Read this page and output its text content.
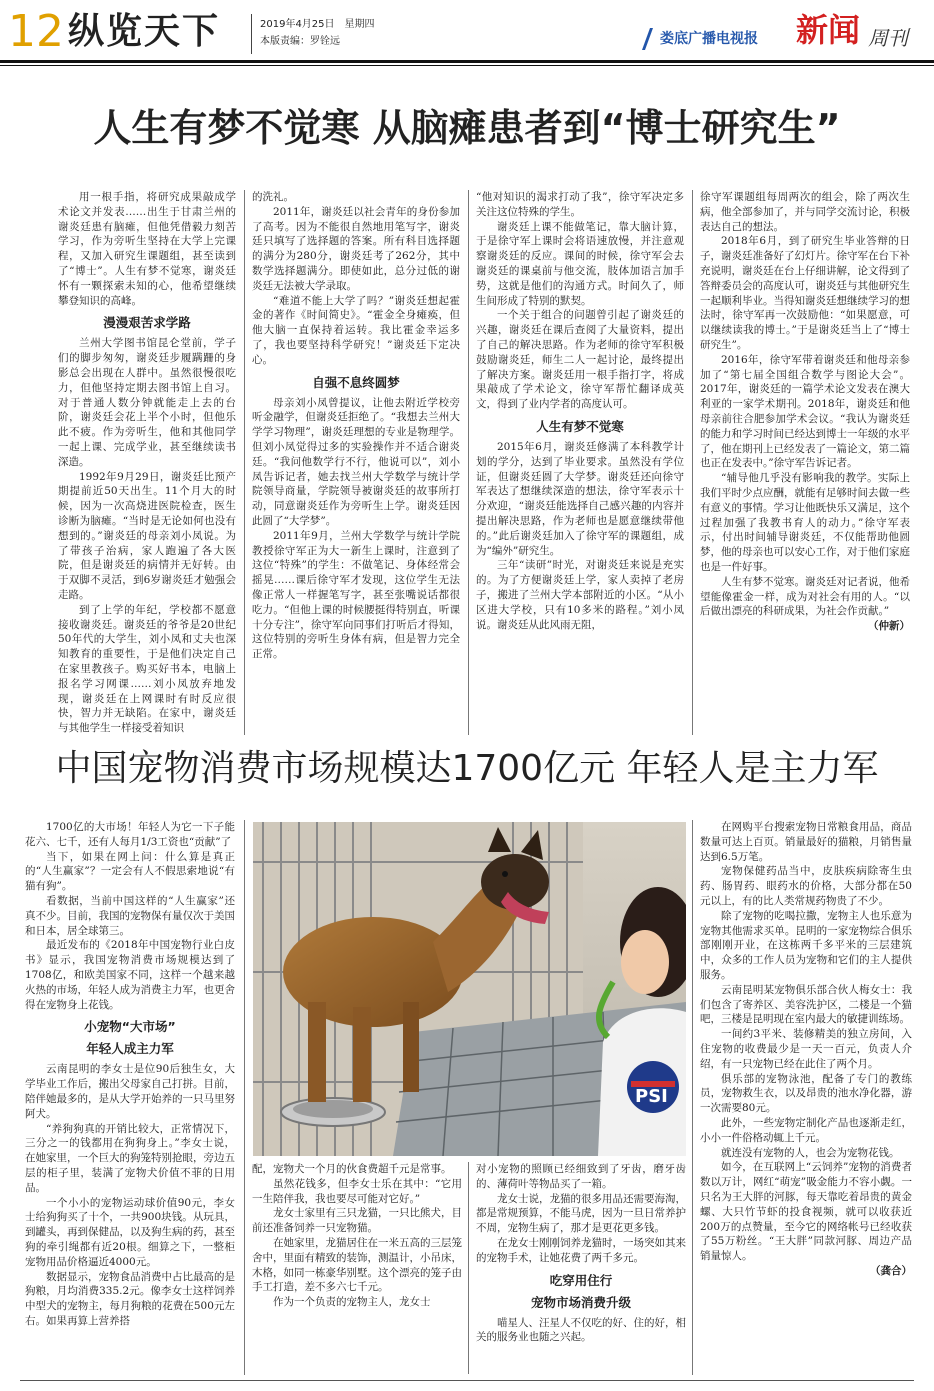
12 纵览天下	2019年4月25日　星期四
本版责编：罗铨远	娄底广播电视报 新闻 周刊
人生有梦不觉寒 从脑瘫患者到“博士研究生”

用一根手指，将研究成果敲成学术论文并发表……出生于甘肃兰州的谢炎廷患有脑瘫，但他凭借毅力刻苦学习，作为旁听生坚持在大学上完课程，又加入研究生课题组，甚至读到了“博士”。人生有梦不觉寒，谢炎廷怀有一颗探索未知的心，他希望继续攀登知识的高峰。

漫漫艰苦求学路

兰州大学图书馆昆仑堂前，学子们的脚步匆匆，谢炎廷步履蹒跚的身影总会出现在人群中。虽然很慢很吃力，但他坚持定期去图书馆上自习。对于普通人数分钟就能走上去的台阶，谢炎廷会花上半个小时，但他乐此不疲。作为旁听生，他和其他同学一起上课、完成学业，甚至继续读书深造。

1992年9月29日，谢炎廷比预产期提前近50天出生。11个月大的时候，因为一次高烧进医院检查，医生诊断为脑瘫。“当时是无论如何也没有想到的。”谢炎廷的母亲刘小凤说。为了带孩子治病，家人跑遍了各大医院，但是谢炎廷的病情并无好转。由于双脚不灵活，到6岁谢炎廷才勉强会走路。

到了上学的年纪，学校都不愿意接收谢炎廷。谢炎廷的爷爷是20世纪50年代的大学生，刘小凤和丈夫也深知教育的重要性，于是他们决定自己在家里教孩子。购买好书本，电脑上报名学习网课……刘小凤放弃地发现，谢炎廷在上网课时有时反应很快，智力并无缺陷。在家中，谢炎廷与其他学生一样接受着知识

的洗礼。

2011年，谢炎廷以社会青年的身份参加了高考。因为不能很自然地用笔写字，谢炎廷只填写了选择题的答案。所有科目选择题的满分为280分，谢炎廷考了262分，其中数学选择题满分。即使如此，总分过低的谢炎廷无法被大学录取。

“难道不能上大学了吗？”谢炎廷想起霍金的著作《时间简史》。“霍金全身瘫痪，但他大脑一直保持着运转。我比霍金幸运多了，我也要坚持科学研究！”谢炎廷下定决心。

自强不息终圆梦

母亲刘小凤曾提议，让他去附近学校旁听金融学，但谢炎廷拒绝了。“我想去兰州大学学习物理”，谢炎廷理想的专业是物理学。但刘小凤觉得过多的实验操作并不适合谢炎廷。“我问他数学行不行，他说可以”，刘小凤告诉记者，她去找兰州大学数学与统计学院领导商量，学院领导被谢炎廷的故事所打动，同意谢炎廷作为旁听生上学。谢炎廷因此圆了“大学梦”。

2011年9月，兰州大学数学与统计学院教授徐守军正为大一新生上课时，注意到了这位“特殊”的学生：不做笔记、身体经常会摇晃……课后徐守军才发现，这位学生无法像正常人一样握笔写字，甚至张嘴说话都很吃力。“但他上课的时候腰挺得特别直，听课十分专注”，徐守军向同事们打听后才得知，这位特别的旁听生身体有病，但是智力完全正常。

“他对知识的渴求打动了我”，徐守军决定多关注这位特殊的学生。

谢炎廷上课不能做笔记，靠大脑计算，于是徐守军上课时会将语速放慢，并注意观察谢炎廷的反应。课间的时候，徐守军会去谢炎廷的课桌前与他交流，肢体加语言加手势，这就是他们的沟通方式。时间久了，师生间形成了特别的默契。

一个关于组合的问题曾引起了谢炎廷的兴趣，谢炎廷在课后查阅了大量资料，提出了自己的解决思路。作为老师的徐守军积极鼓励谢炎廷，师生二人一起讨论，最终提出了解决方案。谢炎廷用一根手指打字，将成果敲成了学术论文，徐守军帮忙翻译成英文，得到了业内学者的高度认可。

人生有梦不觉寒

2015年6月，谢炎廷修满了本科教学计划的学分，达到了毕业要求。虽然没有学位证，但谢炎廷圆了大学梦。谢炎廷还向徐守军表达了想继续深造的想法，徐守军表示十分欢迎，“谢炎廷能选择自己感兴趣的内容并提出解决思路，作为老师也是愿意继续带他的。”此后谢炎廷加入了徐守军的课题组，成为“编外”研究生。

三年“读研”时光，对谢炎廷来说是充实的。为了方便谢炎廷上学，家人卖掉了老房子，搬进了兰州大学本部附近的小区。“从小区进大学校，只有10多米的路程。”刘小凤说。谢炎廷从此风雨无阻，

徐守军课题组每周两次的组会，除了两次生病，他全部参加了，并与同学交流讨论，积极表达自己的想法。

2018年6月，到了研究生毕业答辩的日子，谢炎廷准备好了幻灯片。徐守军在台下补充说明，谢炎廷在台上仔细讲解，论文得到了答辩委员会的高度认可，谢炎廷与其他研究生一起顺利毕业。当得知谢炎廷想继续学习的想法时，徐守军再一次鼓励他：“如果愿意，可以继续读我的博士。”于是谢炎廷当上了“博士研究生”。

2016年，徐守军带着谢炎廷和他母亲参加了“第七届全国组合数学与图论大会”。2017年，谢炎廷的一篇学术论文发表在澳大利亚的一家学术期刊。2018年，谢炎廷和他母亲前往合肥参加学术会议。“我认为谢炎廷的能力和学习时间已经达到博士一年级的水平了，他在期刊上已经发表了一篇论文，第二篇也正在发表中。”徐守军告诉记者。

“辅导他几乎没有影响我的教学。实际上我们平时少点应酬，就能有足够时间去做一些有意义的事情。学习让他既快乐又满足，这个过程加强了我教书育人的动力。”徐守军表示，付出时间辅导谢炎廷，不仅能帮助他圆梦，他的母亲也可以安心工作，对于他们家庭也是一件好事。

人生有梦不觉寒。谢炎廷对记者说，他希望能像霍金一样，成为对社会有用的人。“以后做出漂亮的科研成果，为社会作贡献。”

（仲新）

中国宠物消费市场规模达1700亿元 年轻人是主力军

1700亿的大市场！年轻人为它一下子能花六、七千，还有人每月1/3工资也“贡献”了

当下，如果在网上问：什么算是真正的“人生赢家”？一定会有人不假思索地说“有猫有狗”。

看数据，当前中国这样的“人生赢家”还真不少。目前，我国的宠物保有量仅次于美国和日本，居全球第三。

最近发布的《2018年中国宠物行业白皮书》显示，我国宠物消费市场规模达到了1708亿，和欧美国家不同，这样一个越来越火热的市场，年轻人成为消费主力军，也更舍得在宠物身上花钱。

小宠物“大市场”

年轻人成主力军

云南昆明的李女士是位90后独生女，大学毕业工作后，搬出父母家自己打拼。目前，陪伴她最多的，是从大学开始养的一只马里努阿犬。

“养狗狗真的开销比较大，正常情况下，三分之一的钱都用在狗狗身上。”李女士说，在她家里，一个巨大的狗笼特别抢眼，旁边五层的柜子里，装满了宠物犬价值不菲的日用品。

一个小小的宠物运动球价值90元，李女士给狗狗买了十个，一共900块钱。从玩具，到罐头，再到保健品，以及狗生病的药，甚至狗的牵引绳都有近20根。细算之下，一整柜宠物用品价格逼近4000元。

数据显示，宠物食品消费中占比最高的是狗粮，月均消费335.2元。像李女士这样饲养中型犬的宠物主，每月狗粮的花费在500元左右。如果再算上营养搭

PSI

配，宠物犬一个月的伙食费超千元是常事。

虽然花钱多，但李女士乐在其中：“它用一生陪伴我，我也要尽可能对它好。”

龙女士家里有三只龙猫，一只比熊犬，目前还准备饲养一只宠物猫。

在她家里，龙猫居住在一米五高的三层笼舍中，里面有精致的装饰，测温计，小吊床，木格，如同一栋豪华别墅。这个漂亮的笼子由手工打造，差不多六七千元。

作为一个负责的宠物主人，龙女士

对小宠物的照顾已经细致到了牙齿，磨牙齿的、薄荷叶等物品买了一箱。

龙女士说，龙猫的很多用品还需要海淘，都是常规预算，不能马虎，因为一旦日常养护不周，宠物生病了，那才是更花更多钱。

在龙女士刚刚饲养龙猫时，一场突如其来的宠物手术，让她花费了两千多元。

吃穿用住行

宠物市场消费升级

喵星人、汪星人不仅吃的好、住的好，相关的服务业也随之兴起。

在网购平台搜索宠物日常粮食用品，商品数量可达上百页。销量最好的猫粮，月销售量达到6.5万笔。

宠物保健药品当中，皮肤疾病除寄生虫药、肠胃药、眼药水的价格，大部分都在50元以上，有的比人类常规药物贵了不少。

除了宠物的吃喝拉撒，宠物主人也乐意为宠物其他需求买单。昆明的一家宠物综合俱乐部刚刚开业，在这栋两千多平米的三层建筑中，众多的工作人员为宠物和它们的主人提供服务。

云南昆明某宠物俱乐部合伙人梅女士：我们包含了寄养区、美容洗护区，二楼是一个猫吧，三楼是昆明现在室内最大的敏捷训练场。

一间约3平米、装修精美的独立房间，入住宠物的收费最少是一天一百元，负责人介绍，有一只宠物已经在此住了两个月。

俱乐部的宠物泳池，配备了专门的教练员，宠物救生衣，以及昂贵的池水净化器，游一次需要80元。

此外，一些宠物定制化产品也逐渐走红，小小一件俗格动辄上千元。

就连没有宠物的人，也会为宠物花钱。

如今，在互联网上“云饲养”宠物的消费者数以万计，网红“萌宠”吸金能力不容小觑。一只名为王大胖的河豚，每天靠吃着昂贵的黄金螺、大只竹节虾的投食视频，就可以收获近200万的点赞量，至今它的网络帐号已经收获了55万粉丝。“王大胖”同款河豚、周边产品销量惊人。

（龚合）
